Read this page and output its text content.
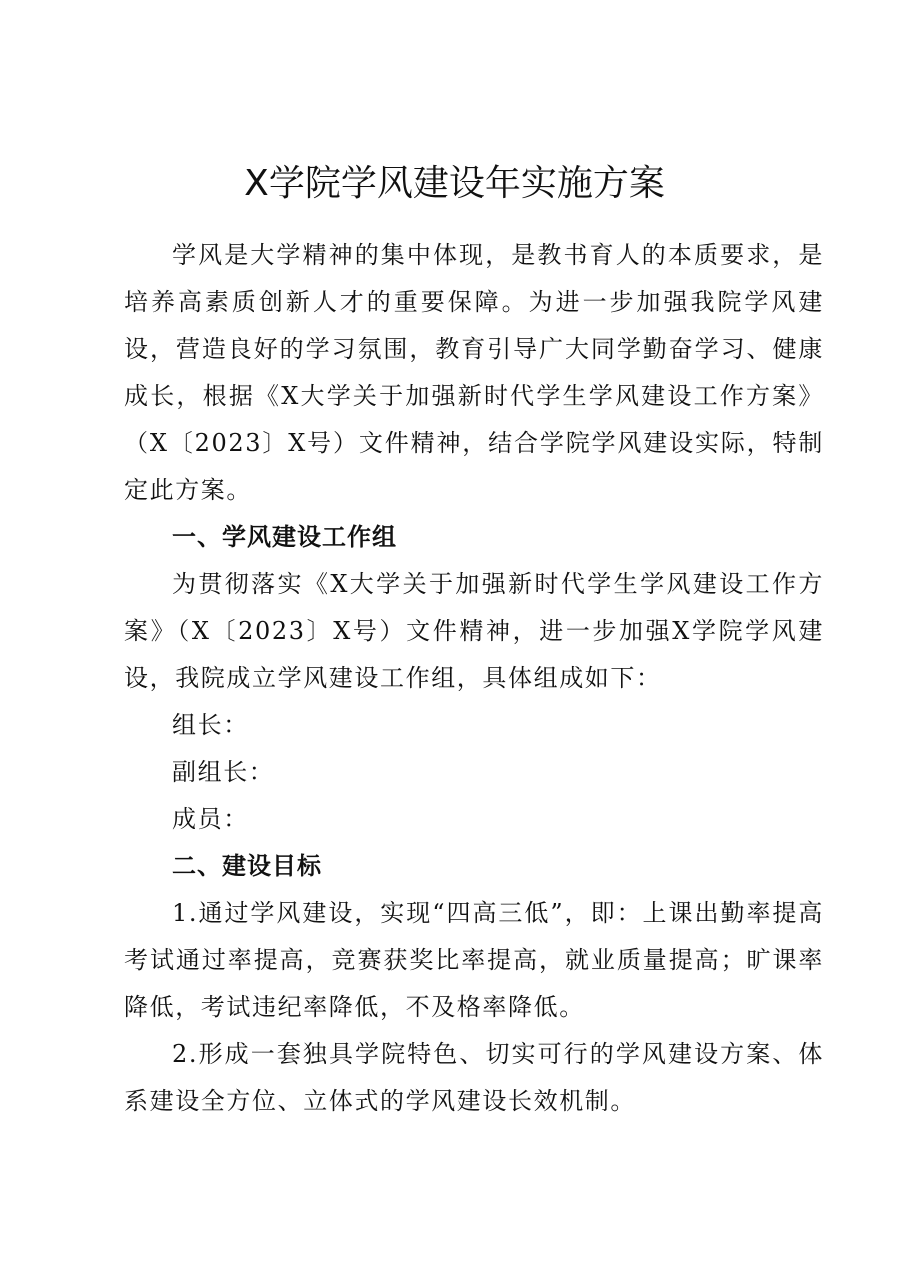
X学院学风建设年实施方案

学风是大学精神的集中体现，是教书育人的本质要求，是培养高素质创新人才的重要保障。为进一步加强我院学风建设，营造良好的学习氛围，教育引导广大同学勤奋学习、健康成长，根据《X大学关于加强新时代学生学风建设工作方案》（X〔2023〕X号）文件精神，结合学院学风建设实际，特制定此方案。

一、学风建设工作组

为贯彻落实《X大学关于加强新时代学生学风建设工作方案》（X〔2023〕X号）文件精神，进一步加强X学院学风建设，我院成立学风建设工作组，具体组成如下：

组长：

副组长：

成员：

二、建设目标

1.通过学风建设，实现“四高三低”，即：上课出勤率提高考试通过率提高，竞赛获奖比率提高，就业质量提高；旷课率降低，考试违纪率降低，不及格率降低。

2.形成一套独具学院特色、切实可行的学风建设方案、体系建设全方位、立体式的学风建设长效机制。
